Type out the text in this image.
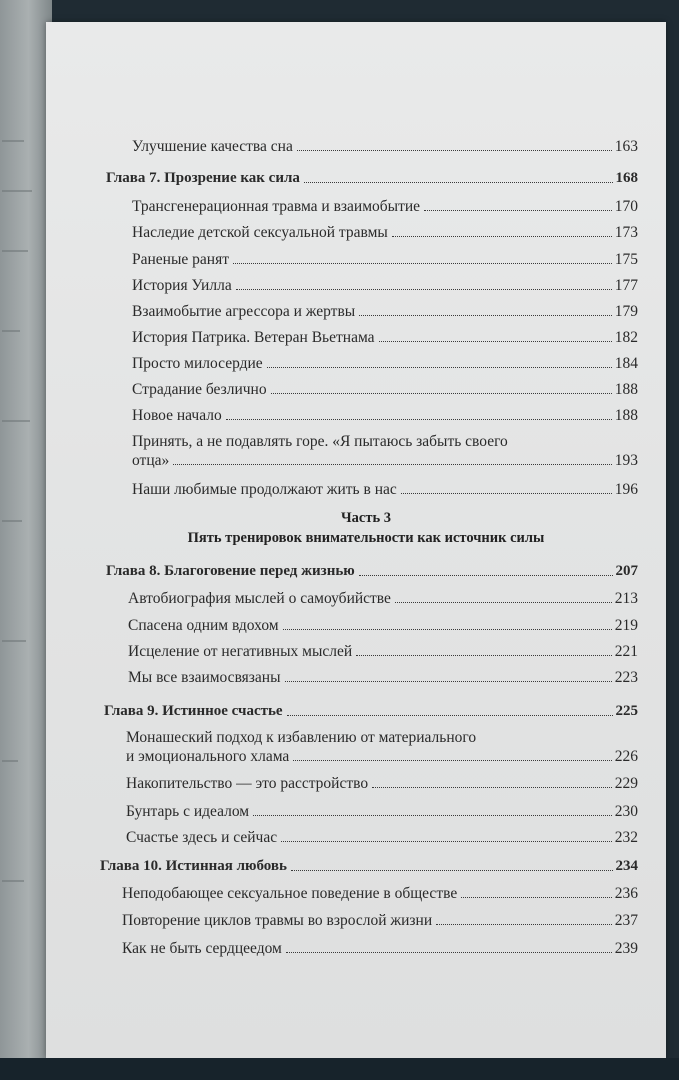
Улучшение качества сна	163
Глава 7. Прозрение как сила	168
Трансгенерационная травма и взаимобытие	170
Наследие детской сексуальной травмы	173
Раненые ранят	175
История Уилла	177
Взаимобытие агрессора и жертвы	179
История Патрика. Ветеран Вьетнама	182
Просто милосердие	184
Страдание безлично	188
Новое начало	188
Принять, а не подавлять горе. «Я пытаюсь забыть своего
отца»	193
Наши любимые продолжают жить в нас	196
Часть 3
Пять тренировок внимательности как источник силы
Глава 8. Благоговение перед жизнью	207
Автобиография мыслей о самоубийстве	213
Спасена одним вдохом	219
Исцеление от негативных мыслей	221
Мы все взаимосвязаны	223
Глава 9. Истинное счастье	225
Монашеский подход к избавлению от материального
и эмоционального хлама	226
Накопительство — это расстройство	229
Бунтарь с идеалом	230
Счастье здесь и сейчас	232
Глава 10. Истинная любовь	234
Неподобающее сексуальное поведение в обществе	236
Повторение циклов травмы во взрослой жизни	237
Как не быть сердцеедом	239
